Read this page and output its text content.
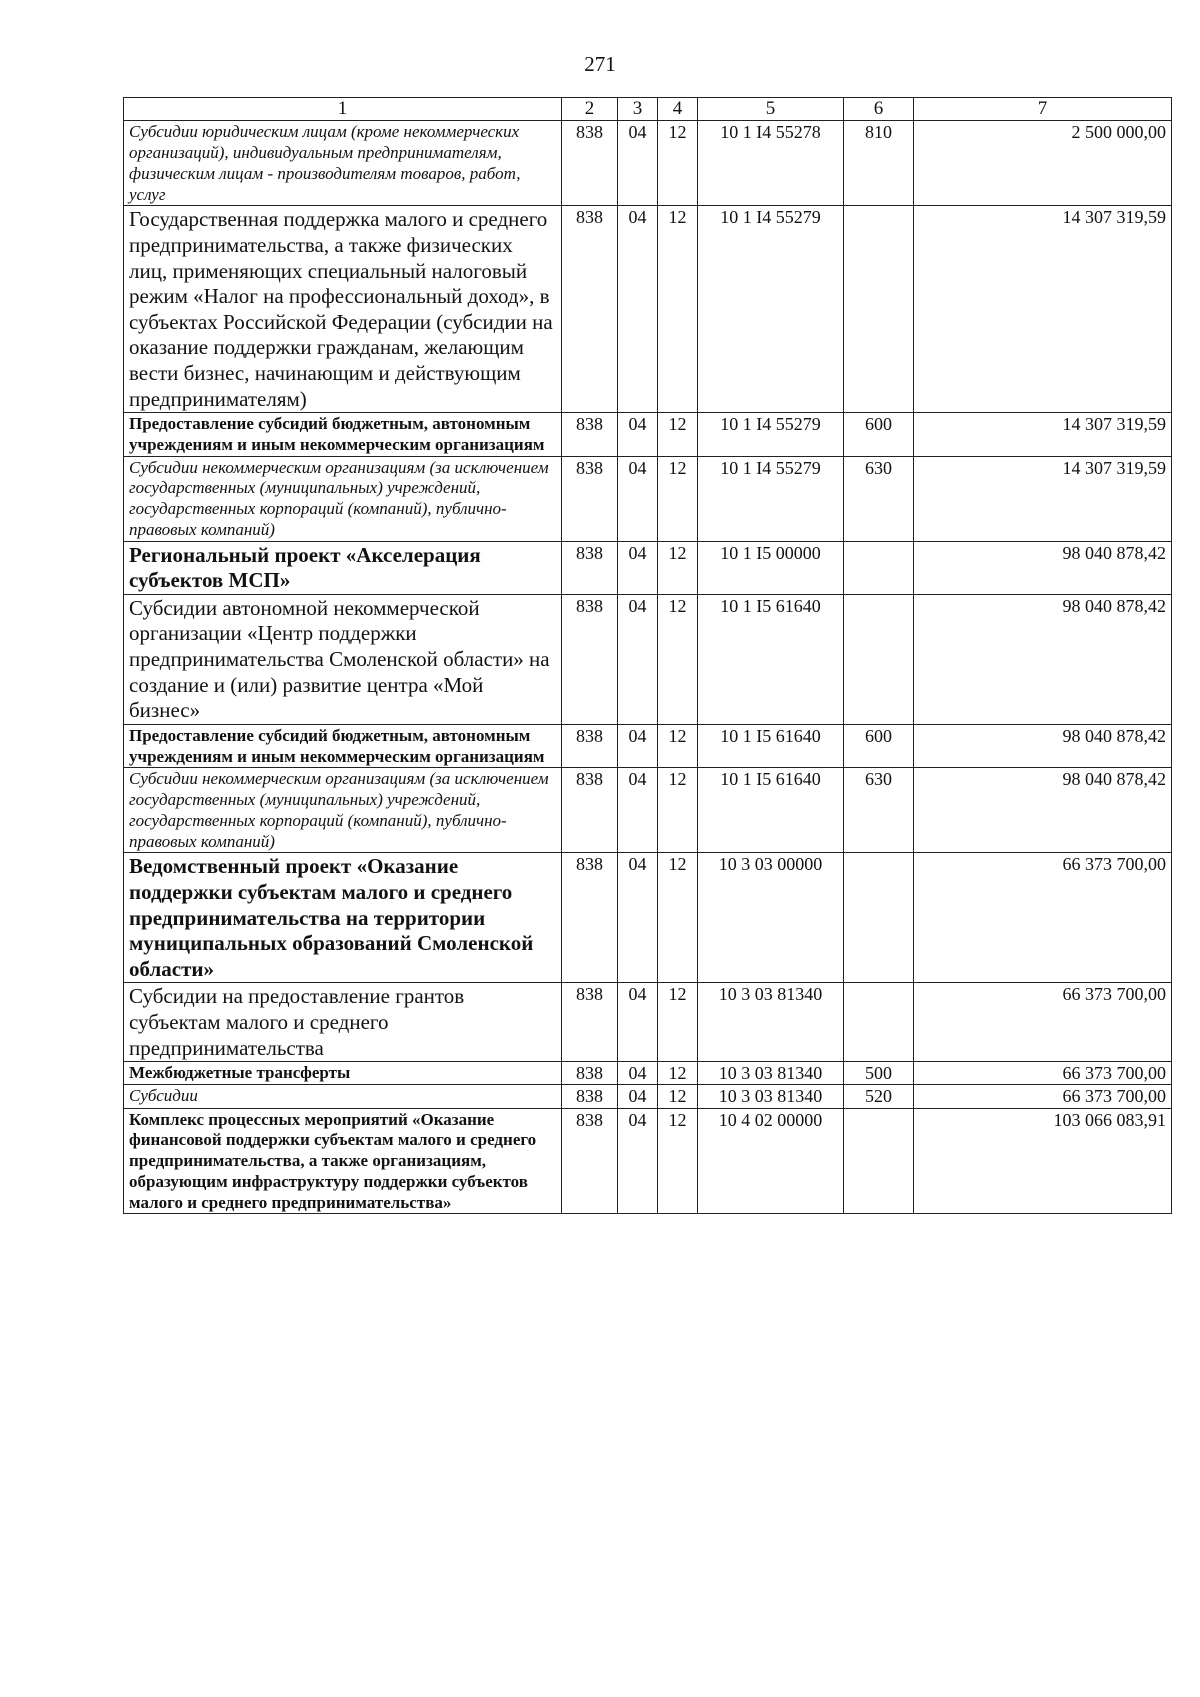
271
1	2	3	4	5	6	7
Субсидии юридическим лицам (кроме некоммерческих организаций), индивидуальным предпринимателям, физическим лицам - производителям товаров, работ, услуг	838	04	12	10 1 I4 55278	810	2 500 000,00
Государственная поддержка малого и среднего предпринимательства, а также физических лиц, применяющих специальный налоговый режим «Налог на профессиональный доход», в субъектах Российской Федерации (субсидии на оказание поддержки гражданам, желающим вести бизнес, начинающим и действующим предпринимателям)	838	04	12	10 1 I4 55279		14 307 319,59
Предоставление субсидий бюджетным, автономным учреждениям и иным некоммерческим организациям	838	04	12	10 1 I4 55279	600	14 307 319,59
Субсидии некоммерческим организациям (за исключением государственных (муниципальных) учреждений, государственных корпораций (компаний), публично-правовых компаний)	838	04	12	10 1 I4 55279	630	14 307 319,59
Региональный проект «Акселерация субъектов МСП»	838	04	12	10 1 I5 00000		98 040 878,42
Субсидии автономной некоммерческой организации «Центр поддержки предпринимательства Смоленской области» на создание и (или) развитие центра «Мой бизнес»	838	04	12	10 1 I5 61640		98 040 878,42
Предоставление субсидий бюджетным, автономным учреждениям и иным некоммерческим организациям	838	04	12	10 1 I5 61640	600	98 040 878,42
Субсидии некоммерческим организациям (за исключением государственных (муниципальных) учреждений, государственных корпораций (компаний), публично-правовых компаний)	838	04	12	10 1 I5 61640	630	98 040 878,42
Ведомственный проект «Оказание поддержки субъектам малого и среднего предпринимательства на территории муниципальных образований Смоленской области»	838	04	12	10 3 03 00000		66 373 700,00
Субсидии на предоставление грантов субъектам малого и среднего предпринимательства	838	04	12	10 3 03 81340		66 373 700,00
Межбюджетные трансферты	838	04	12	10 3 03 81340	500	66 373 700,00
Субсидии	838	04	12	10 3 03 81340	520	66 373 700,00
Комплекс процессных мероприятий «Оказание финансовой поддержки субъектам малого и среднего предпринимательства, а также организациям, образующим инфраструктуру поддержки субъектов малого и среднего предпринимательства»	838	04	12	10 4 02 00000		103 066 083,91
